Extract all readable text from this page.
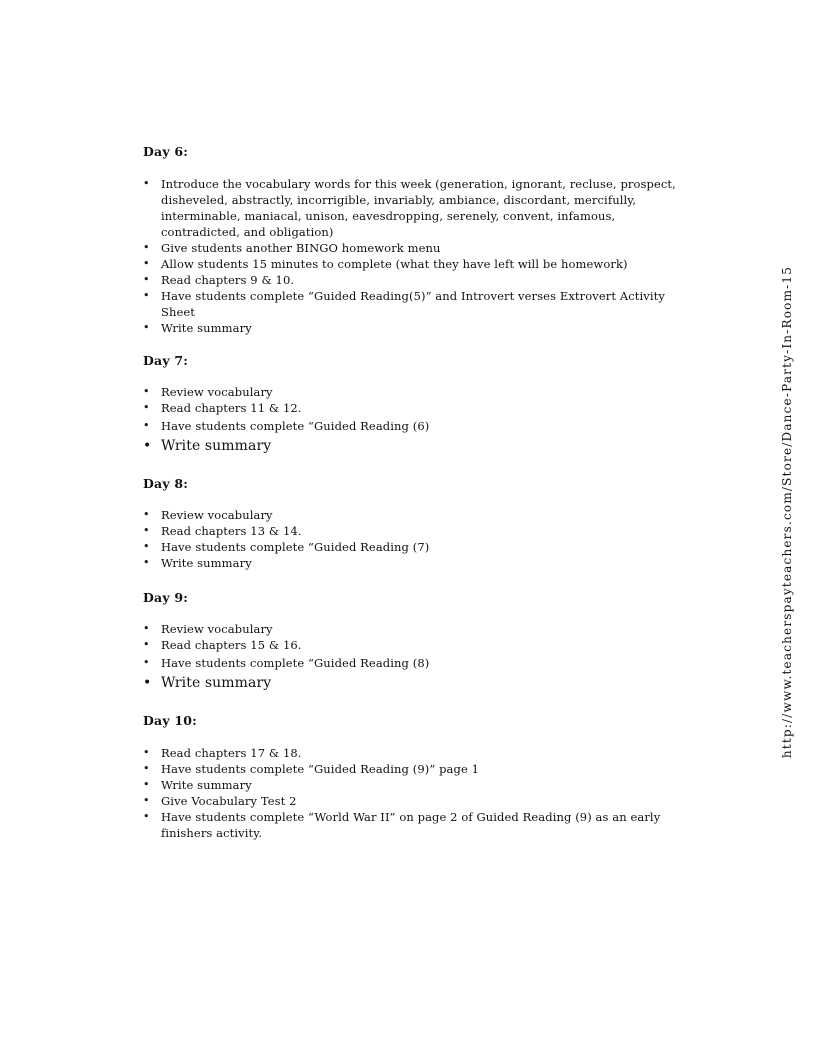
Day 6:
• Introduce the vocabulary words for this week (generation, ignorant, recluse, prospect, disheveled, abstractly, incorrigible, invariably, ambiance, discordant, mercifully, interminable, maniacal, unison, eavesdropping, serenely, convent, infamous, contradicted, and obligation)
• Give students another BINGO homework menu
• Allow students 15 minutes to complete (what they have left will be homework)
• Read chapters 9 & 10.
• Have students complete “Guided Reading(5)” and Introvert verses Extrovert Activity Sheet
• Write summary
Day 7:
• Review vocabulary
• Read chapters 11 & 12.
• Have students complete “Guided Reading (6)
• Write summary
Day 8:
• Review vocabulary
• Read chapters 13 & 14.
• Have students complete “Guided Reading (7)
• Write summary
Day 9:
• Review vocabulary
• Read chapters 15 & 16.
• Have students complete “Guided Reading (8)
• Write summary
Day 10:
• Read chapters 17 & 18.
• Have students complete “Guided Reading (9)” page 1
• Write summary
• Give Vocabulary Test 2
• Have students complete “World War II” on page 2 of Guided Reading (9) as an early finishers activity.
http://www.teacherspayteachers.com/Store/Dance-Party-In-Room-15
